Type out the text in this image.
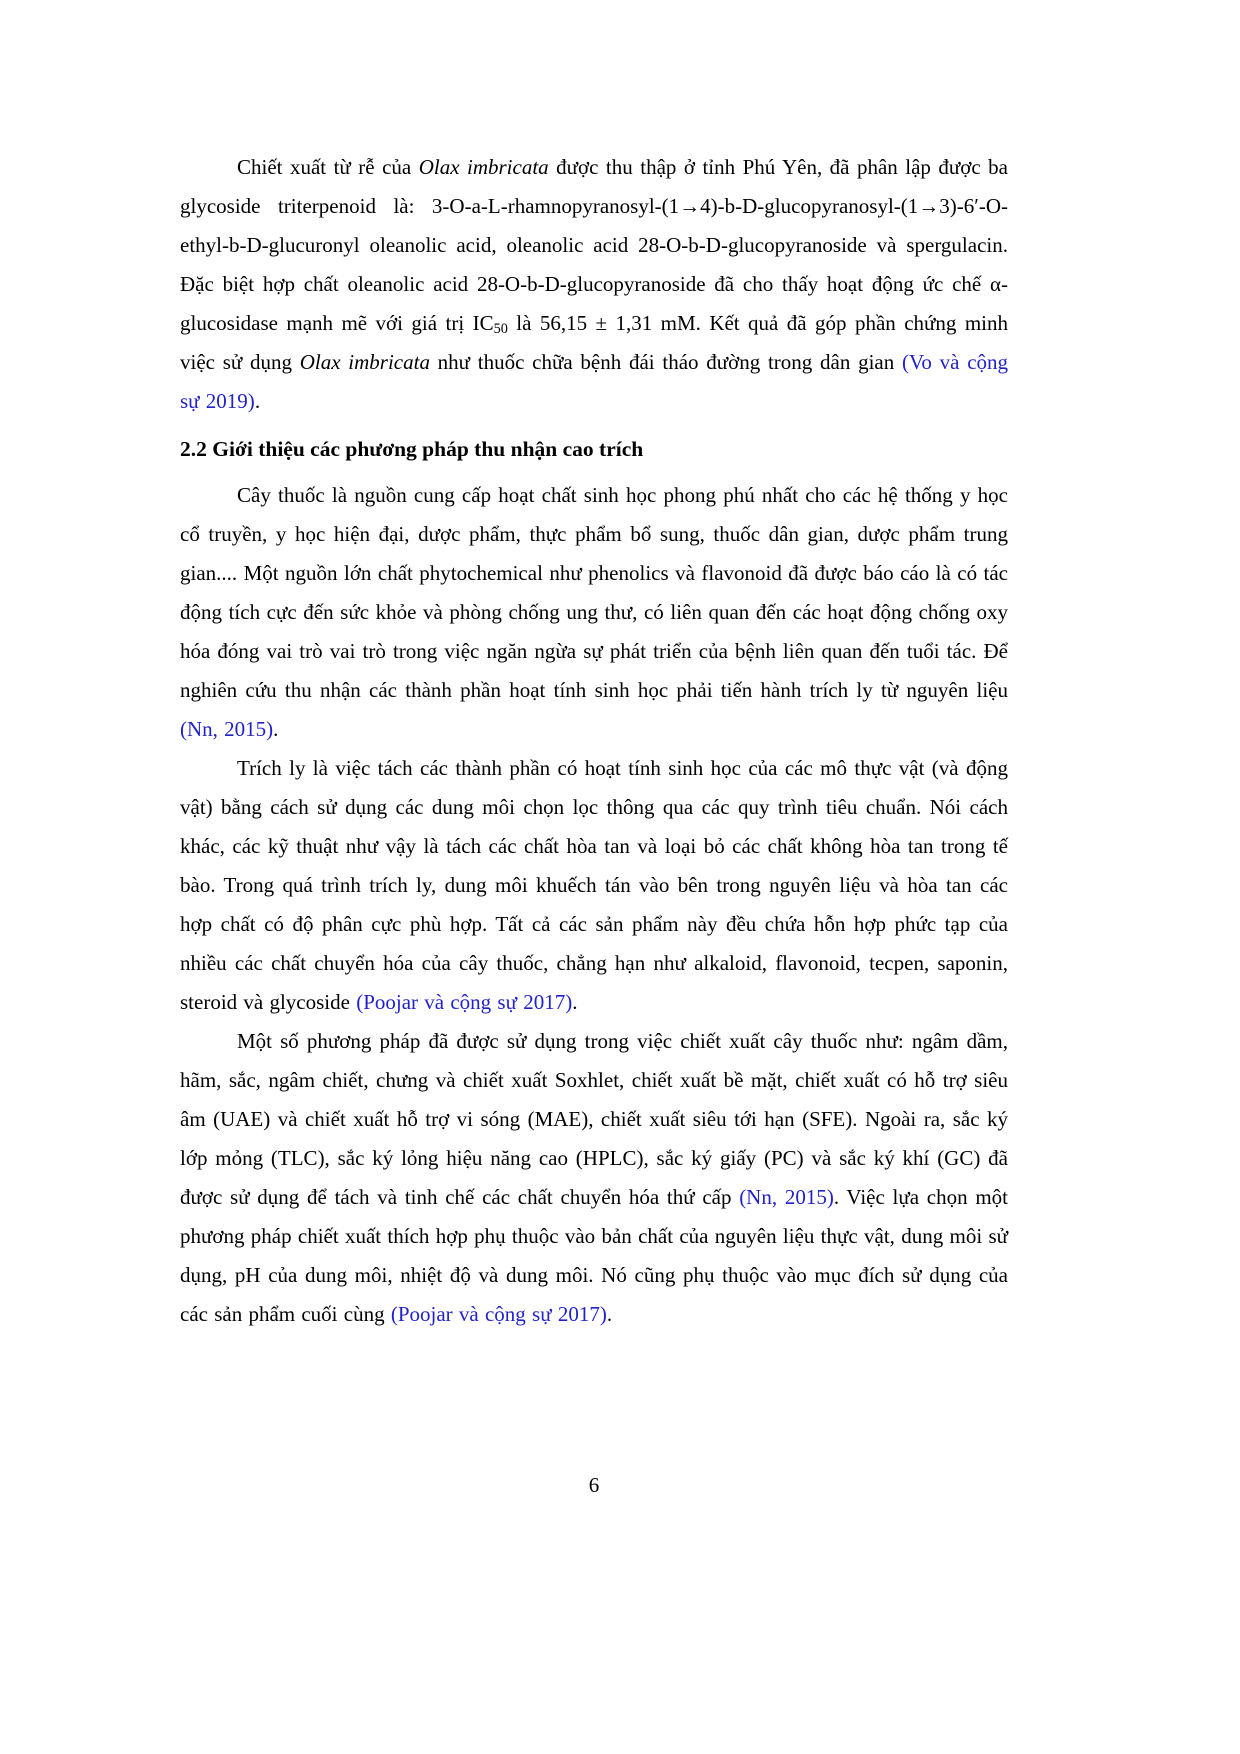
Chiết xuất từ rễ của Olax imbricata được thu thập ở tỉnh Phú Yên, đã phân lập được ba glycoside triterpenoid là: 3-O-a-L-rhamnopyranosyl-(1→4)-b-D-glucopyranosyl-(1→3)-6′-O-ethyl-b-D-glucuronyl oleanolic acid, oleanolic acid 28-O-b-D-glucopyranoside và spergulacin. Đặc biệt hợp chất oleanolic acid 28-O-b-D-glucopyranoside đã cho thấy hoạt động ức chế α-glucosidase mạnh mẽ với giá trị IC50 là 56,15 ± 1,31 mM. Kết quả đã góp phần chứng minh việc sử dụng Olax imbricata như thuốc chữa bệnh đái tháo đường trong dân gian (Vo và cộng sự 2019).

2.2 Giới thiệu các phương pháp thu nhận cao trích

Cây thuốc là nguồn cung cấp hoạt chất sinh học phong phú nhất cho các hệ thống y học cổ truyền, y học hiện đại, dược phẩm, thực phẩm bổ sung, thuốc dân gian, dược phẩm trung gian.... Một nguồn lớn chất phytochemical như phenolics và flavonoid đã được báo cáo là có tác động tích cực đến sức khỏe và phòng chống ung thư, có liên quan đến các hoạt động chống oxy hóa đóng vai trò vai trò trong việc ngăn ngừa sự phát triển của bệnh liên quan đến tuổi tác. Để nghiên cứu thu nhận các thành phần hoạt tính sinh học phải tiến hành trích ly từ nguyên liệu (Nn, 2015).

Trích ly là việc tách các thành phần có hoạt tính sinh học của các mô thực vật (và động vật) bằng cách sử dụng các dung môi chọn lọc thông qua các quy trình tiêu chuẩn. Nói cách khác, các kỹ thuật như vậy là tách các chất hòa tan và loại bỏ các chất không hòa tan trong tế bào. Trong quá trình trích ly, dung môi khuếch tán vào bên trong nguyên liệu và hòa tan các hợp chất có độ phân cực phù hợp. Tất cả các sản phẩm này đều chứa hỗn hợp phức tạp của nhiều các chất chuyển hóa của cây thuốc, chẳng hạn như alkaloid, flavonoid, tecpen, saponin, steroid và glycoside (Poojar và cộng sự 2017).

Một số phương pháp đã được sử dụng trong việc chiết xuất cây thuốc như: ngâm dầm, hãm, sắc, ngâm chiết, chưng và chiết xuất Soxhlet, chiết xuất bề mặt, chiết xuất có hỗ trợ siêu âm (UAE) và chiết xuất hỗ trợ vi sóng (MAE), chiết xuất siêu tới hạn (SFE). Ngoài ra, sắc ký lớp mỏng (TLC), sắc ký lỏng hiệu năng cao (HPLC), sắc ký giấy (PC) và sắc ký khí (GC) đã được sử dụng để tách và tinh chế các chất chuyển hóa thứ cấp (Nn, 2015). Việc lựa chọn một phương pháp chiết xuất thích hợp phụ thuộc vào bản chất của nguyên liệu thực vật, dung môi sử dụng, pH của dung môi, nhiệt độ và dung môi. Nó cũng phụ thuộc vào mục đích sử dụng của các sản phẩm cuối cùng (Poojar và cộng sự 2017).

6
